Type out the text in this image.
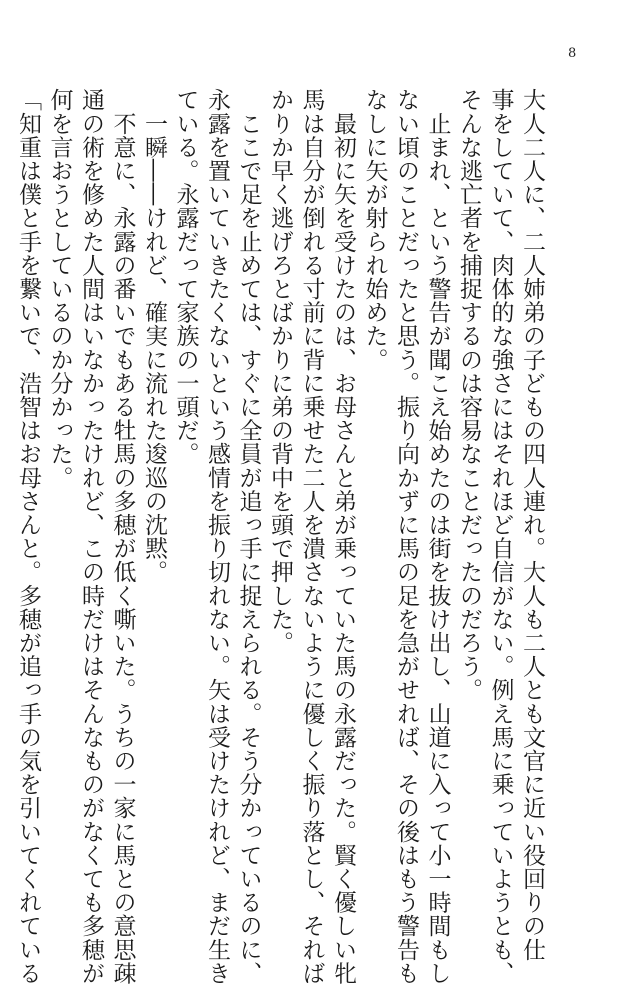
8
大人二人に、二人姉弟の子どもの四人連れ。大人も二人とも文官に近い役回りの仕
事をしていて、肉体的な強さにはそれほど自信がない。例え馬に乗っていようとも、
そんな逃亡者を捕捉するのは容易なことだったのだろう。
　止まれ、という警告が聞こえ始めたのは街を抜け出し、山道に入って小一時間もし
ない頃のことだったと思う。振り向かずに馬の足を急がせれば、その後はもう警告も
なしに矢が射られ始めた。
　最初に矢を受けたのは、お母さんと弟が乗っていた馬の永露だった。賢く優しい牝
馬は自分が倒れる寸前に背に乗せた二人を潰さないように優しく振り落とし、それば
かりか早く逃げろとばかりに弟の背中を頭で押した。
　ここで足を止めては、すぐに全員が追っ手に捉えられる。そう分かっているのに、
永露を置いていきたくないという感情を振り切れない。矢は受けたけれど、まだ生き
ている。永露だって家族の一頭だ。
　一瞬――けれど、確実に流れた逡巡の沈黙。
　不意に、永露の番いでもある牡馬の多穂が低く嘶いた。うちの一家に馬との意思疎
通の術を修めた人間はいなかったけれど、この時だけはそんなものがなくても多穂が
何を言おうとしているのか分かった。
「知重は僕と手を繋いで、浩智はお母さんと。多穂が追っ手の気を引いてくれている
